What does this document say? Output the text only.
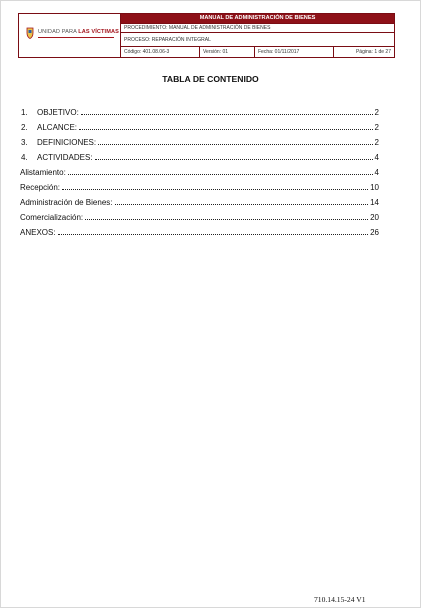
UNIDAD PARA LAS VÍCTIMAS
MANUAL DE ADMINISTRACIÓN DE BIENES
PROCEDIMIENTO: MANUAL DE ADMINISTRACIÓN DE BIENES
PROCESO: REPARACIÓN INTEGRAL
Código: 401.08.06-3	Versión: 01	Fecha: 01/11/2017	Página: 1 de 27
TABLA DE CONTENIDO
1.	OBJETIVO:	2
2.	ALCANCE:	2
3.	DEFINICIONES:	2
4.	ACTIVIDADES:	4
Alistamiento:	4
Recepción:	10
Administración de Bienes:	14
Comercialización:	20
ANEXOS:	26
710.14.15-24 V1
